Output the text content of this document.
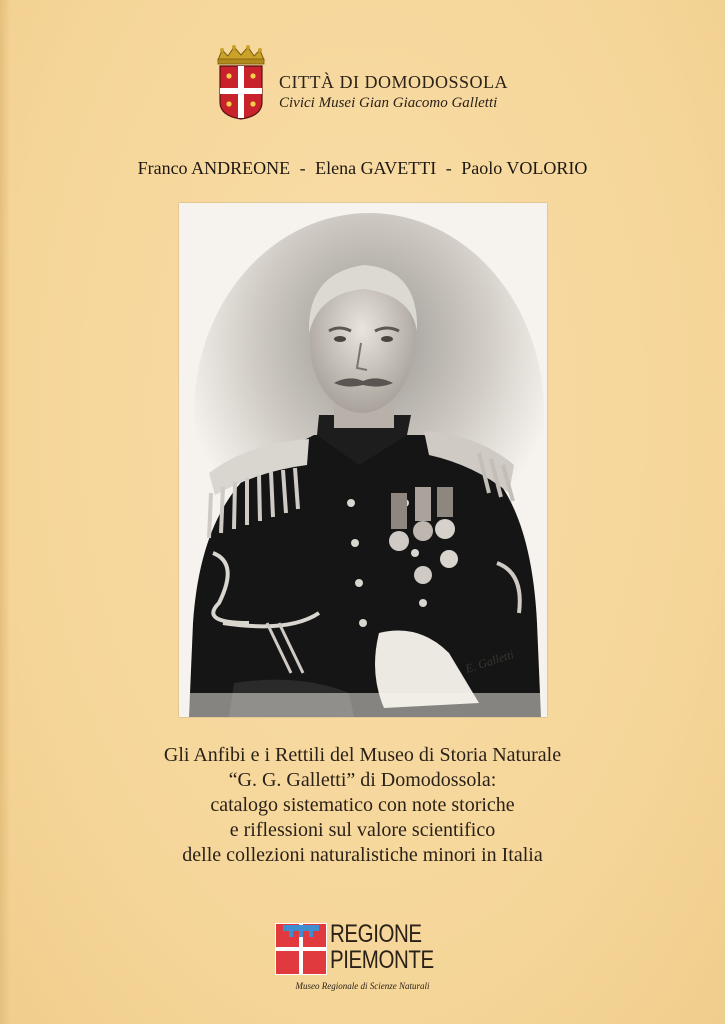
CITTÀ DI DOMODOSSOLA
Civici Musei Gian Giacomo Galletti
Franco ANDREONE - Elena GAVETTI - Paolo VOLORIO
E. Galletti
Gli Anfibi e i Rettili del Museo di Storia Naturale
“G. G. Galletti” di Domodossola:
catalogo sistematico con note storiche
e riflessioni sul valore scientifico
delle collezioni naturalistiche minori in Italia
REGIONE
PIEMONTE
Museo Regionale di Scienze Naturali
